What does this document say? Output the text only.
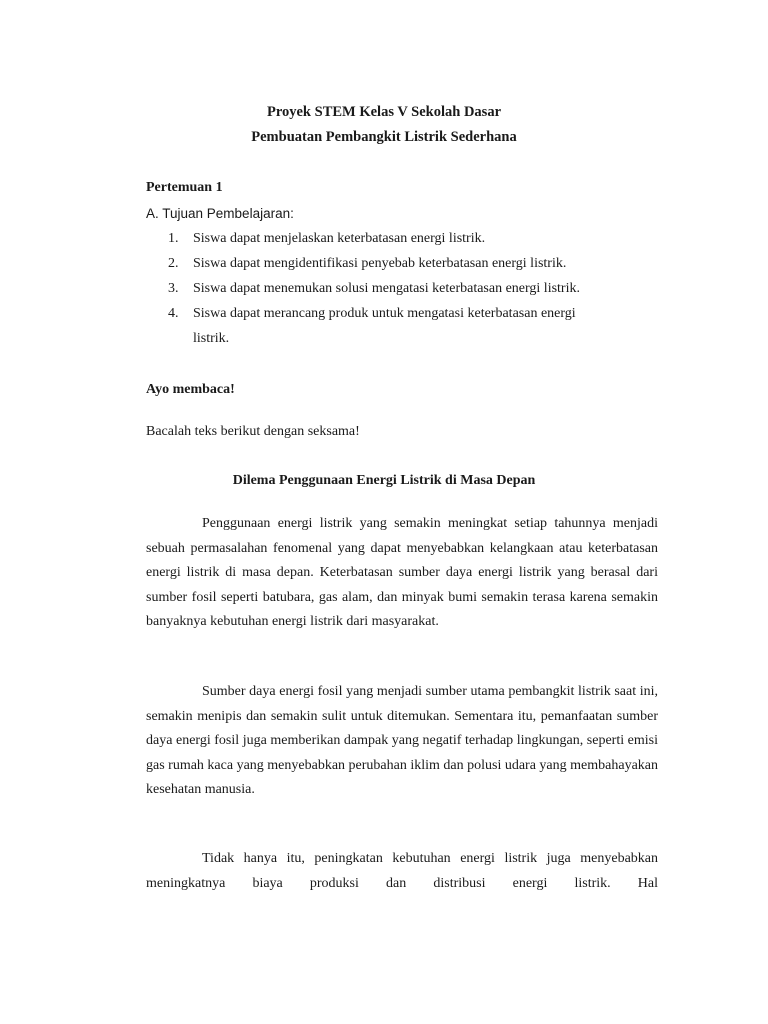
Proyek STEM Kelas V Sekolah Dasar
Pembuatan Pembangkit Listrik Sederhana
Pertemuan 1
A. Tujuan Pembelajaran:
1.	Siswa dapat menjelaskan keterbatasan energi listrik.
2.	Siswa dapat mengidentifikasi penyebab keterbatasan energi listrik.
3.	Siswa dapat menemukan solusi mengatasi keterbatasan energi listrik.
4.	Siswa dapat merancang produk untuk mengatasi keterbatasan energi
listrik.
Ayo membaca!
Bacalah teks berikut dengan seksama!
Dilema Penggunaan Energi Listrik di Masa Depan

Penggunaan energi listrik yang semakin meningkat setiap tahunnya menjadi sebuah permasalahan fenomenal yang dapat menyebabkan kelangkaan atau keterbatasan energi listrik di masa depan. Keterbatasan sumber daya energi listrik yang berasal dari sumber fosil seperti batubara, gas alam, dan minyak bumi semakin terasa karena semakin banyaknya kebutuhan energi listrik dari masyarakat.

Sumber daya energi fosil yang menjadi sumber utama pembangkit listrik saat ini, semakin menipis dan semakin sulit untuk ditemukan. Sementara itu, pemanfaatan sumber daya energi fosil juga memberikan dampak yang negatif terhadap lingkungan, seperti emisi gas rumah kaca yang menyebabkan perubahan iklim dan polusi udara yang membahayakan kesehatan manusia.

Tidak hanya itu, peningkatan kebutuhan energi listrik juga menyebabkan meningkatnya biaya produksi dan distribusi energi listrik. Hal
